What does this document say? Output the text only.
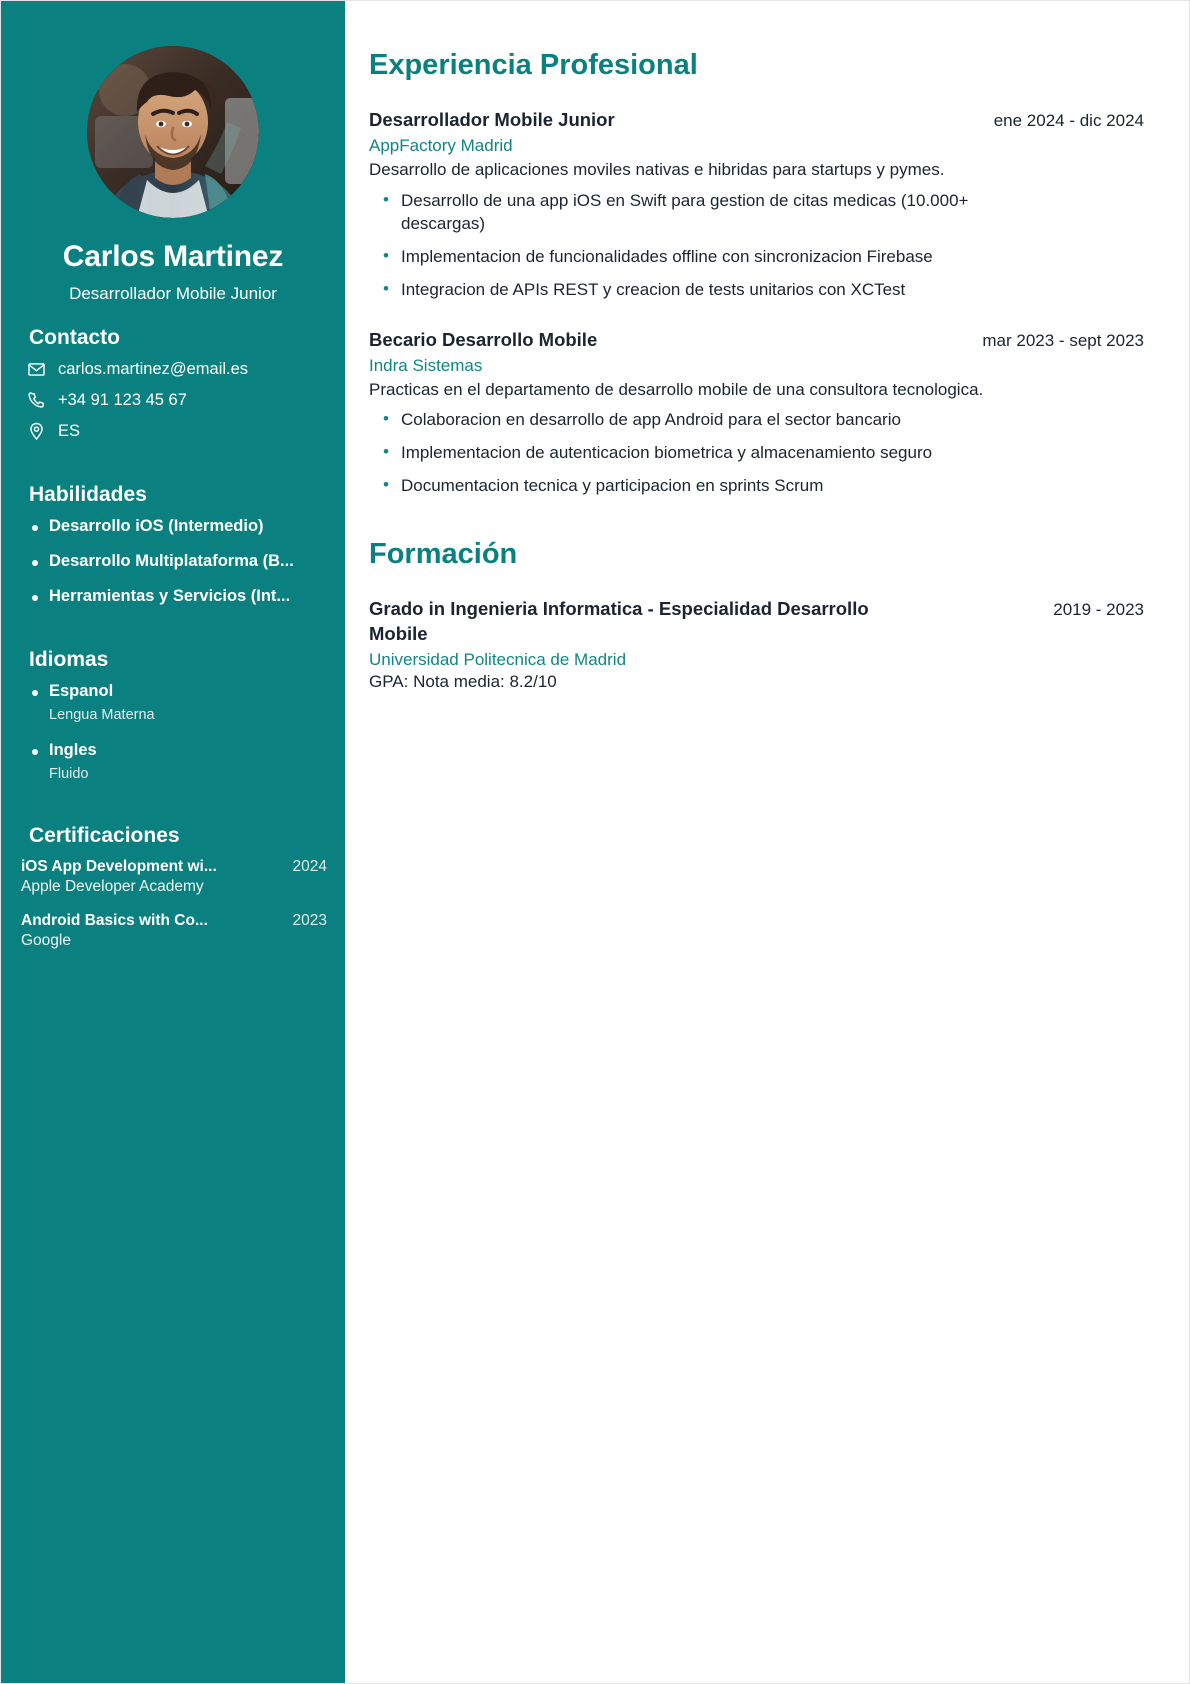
Carlos Martinez
Desarrollador Mobile Junior
Contacto
carlos.martinez@email.es
+34 91 123 45 67
ES
Habilidades
Desarrollo iOS (Intermedio)
Desarrollo Multiplataforma (B...
Herramientas y Servicios (Int...
Idiomas
Espanol
Lengua Materna
Ingles
Fluido
Certificaciones
iOS App Development wi...	2024
Apple Developer Academy
Android Basics with Co...	2023
Google
Experiencia Profesional
Desarrollador Mobile Junior	ene 2024 - dic 2024
AppFactory Madrid
Desarrollo de aplicaciones moviles nativas e hibridas para startups y pymes.
• Desarrollo de una app iOS en Swift para gestion de citas medicas (10.000+ descargas)
• Implementacion de funcionalidades offline con sincronizacion Firebase
• Integracion de APIs REST y creacion de tests unitarios con XCTest
Becario Desarrollo Mobile	mar 2023 - sept 2023
Indra Sistemas
Practicas en el departamento de desarrollo mobile de una consultora tecnologica.
• Colaboracion en desarrollo de app Android para el sector bancario
• Implementacion de autenticacion biometrica y almacenamiento seguro
• Documentacion tecnica y participacion en sprints Scrum
Formación
Grado in Ingenieria Informatica - Especialidad Desarrollo Mobile
2019 - 2023
Universidad Politecnica de Madrid
GPA: Nota media: 8.2/10
